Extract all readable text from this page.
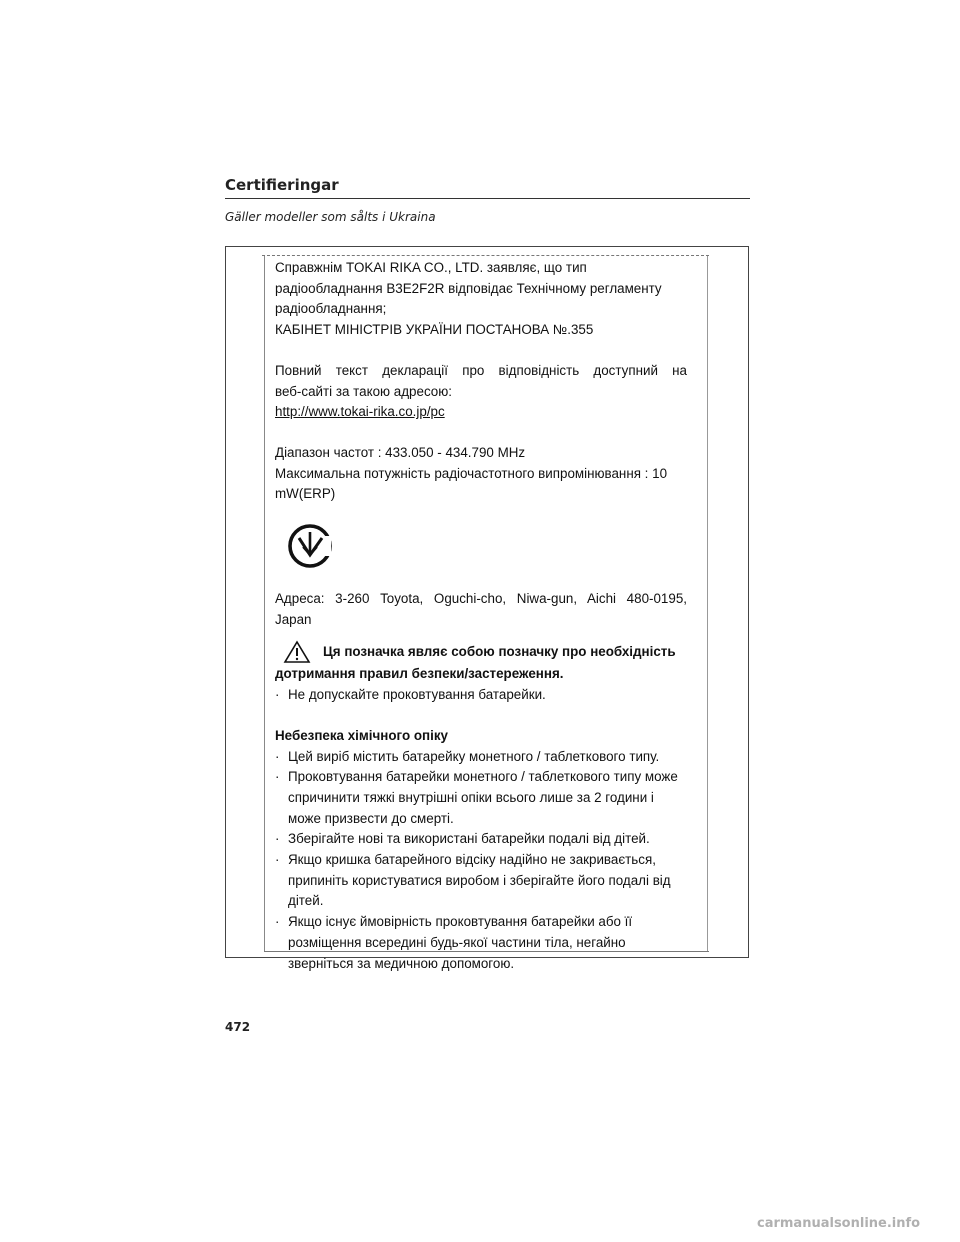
Certifieringar
Gäller modeller som sålts i Ukraina

Справжнім TOKAI RIKA CO., LTD. заявляє, що тип

радіообладнання B3E2F2R відповідає Технічному регламенту

радіообладнання;

КАБІНЕТ МІНІСТРІВ УКРАЇНИ ПОСТАНОВА №.355

Повний текст декларації про відповідність доступний на

веб-сайті за такою адресою:

http://www.tokai-rika.co.jp/pc

Діапазон частот : 433.050 - 434.790 MHz

Максимальна потужність радіочастотного випромінювання : 10

mW(ERP)

Адреса: 3-260 Toyota, Oguchi-cho, Niwa-gun, Aichi 480-0195,

Japan

Ця позначка являє собою позначку про необхідність

дотримання правил безпеки/застереження.

· Не допускайте проковтування батарейки.

Небезпека хімічного опіку

· Цей виріб містить батарейку монетного / таблеткового типу.

· Проковтування батарейки монетного / таблеткового типу може

спричинити тяжкі внутрішні опіки всього лише за 2 години і

може призвести до смерті.

· Зберігайте нові та використані батарейки подалі від дітей.

· Якщо кришка батарейного відсіку надійно не закривається,

припиніть користуватися виробом і зберігайте його подалі від

дітей.

· Якщо існує ймовірність проковтування батарейки або її

розміщення всередині будь-якої частини тіла, негайно

зверніться за медичною допомогою.

472
carmanualsonline.info
